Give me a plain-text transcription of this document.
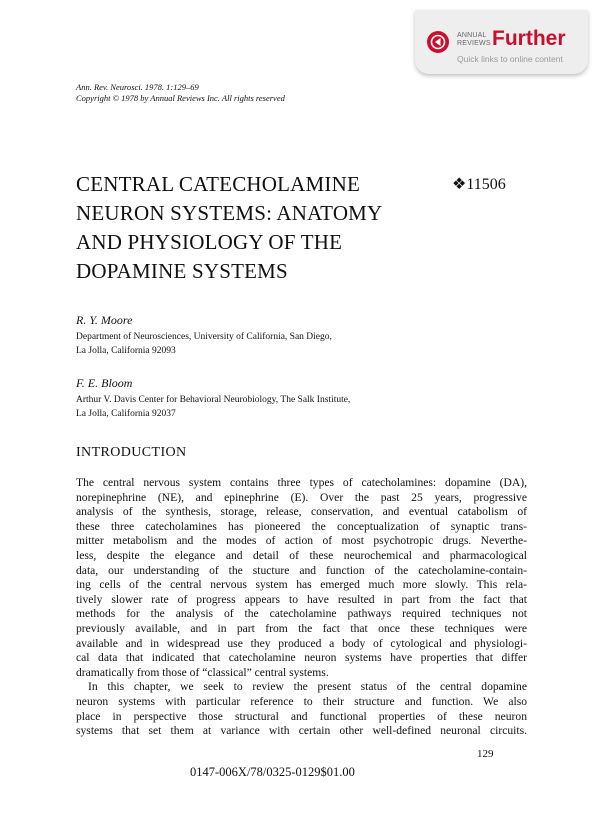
ANNUAL
REVIEWS Further
Quick links to online content
Ann. Rev. Neurosci. 1978. 1:129–69
Copyright © 1978 by Annual Reviews Inc. All rights reserved
CENTRAL CATECHOLAMINE
NEURON SYSTEMS: ANATOMY
AND PHYSIOLOGY OF THE
DOPAMINE SYSTEMS
❖11506
R. Y. Moore
Department of Neurosciences, University of California, San Diego,
La Jolla, California 92093
F. E. Bloom
Arthur V. Davis Center for Behavioral Neurobiology, The Salk Institute,
La Jolla, California 92037
INTRODUCTION
The central nervous system contains three types of catecholamines: dopamine (DA),
norepinephrine (NE), and epinephrine (E). Over the past 25 years, progressive
analysis of the synthesis, storage, release, conservation, and eventual catabolism of
these three catecholamines has pioneered the conceptualization of synaptic trans-
mitter metabolism and the modes of action of most psychotropic drugs. Neverthe-
less, despite the elegance and detail of these neurochemical and pharmacological
data, our understanding of the stucture and function of the catecholamine-contain-
ing cells of the central nervous system has emerged much more slowly. This rela-
tively slower rate of progress appears to have resulted in part from the fact that
methods for the analysis of the catecholamine pathways required techniques not
previously available, and in part from the fact that once these techniques were
available and in widespread use they produced a body of cytological and physiologi-
cal data that indicated that catecholamine neuron systems have properties that differ
dramatically from those of “classical” central systems.
In this chapter, we seek to review the present status of the central dopamine
neuron systems with particular reference to their structure and function. We also
place in perspective those structural and functional properties of these neuron
systems that set them at variance with certain other well-defined neuronal circuits.
129
0147-006X/78/0325-0129$01.00
